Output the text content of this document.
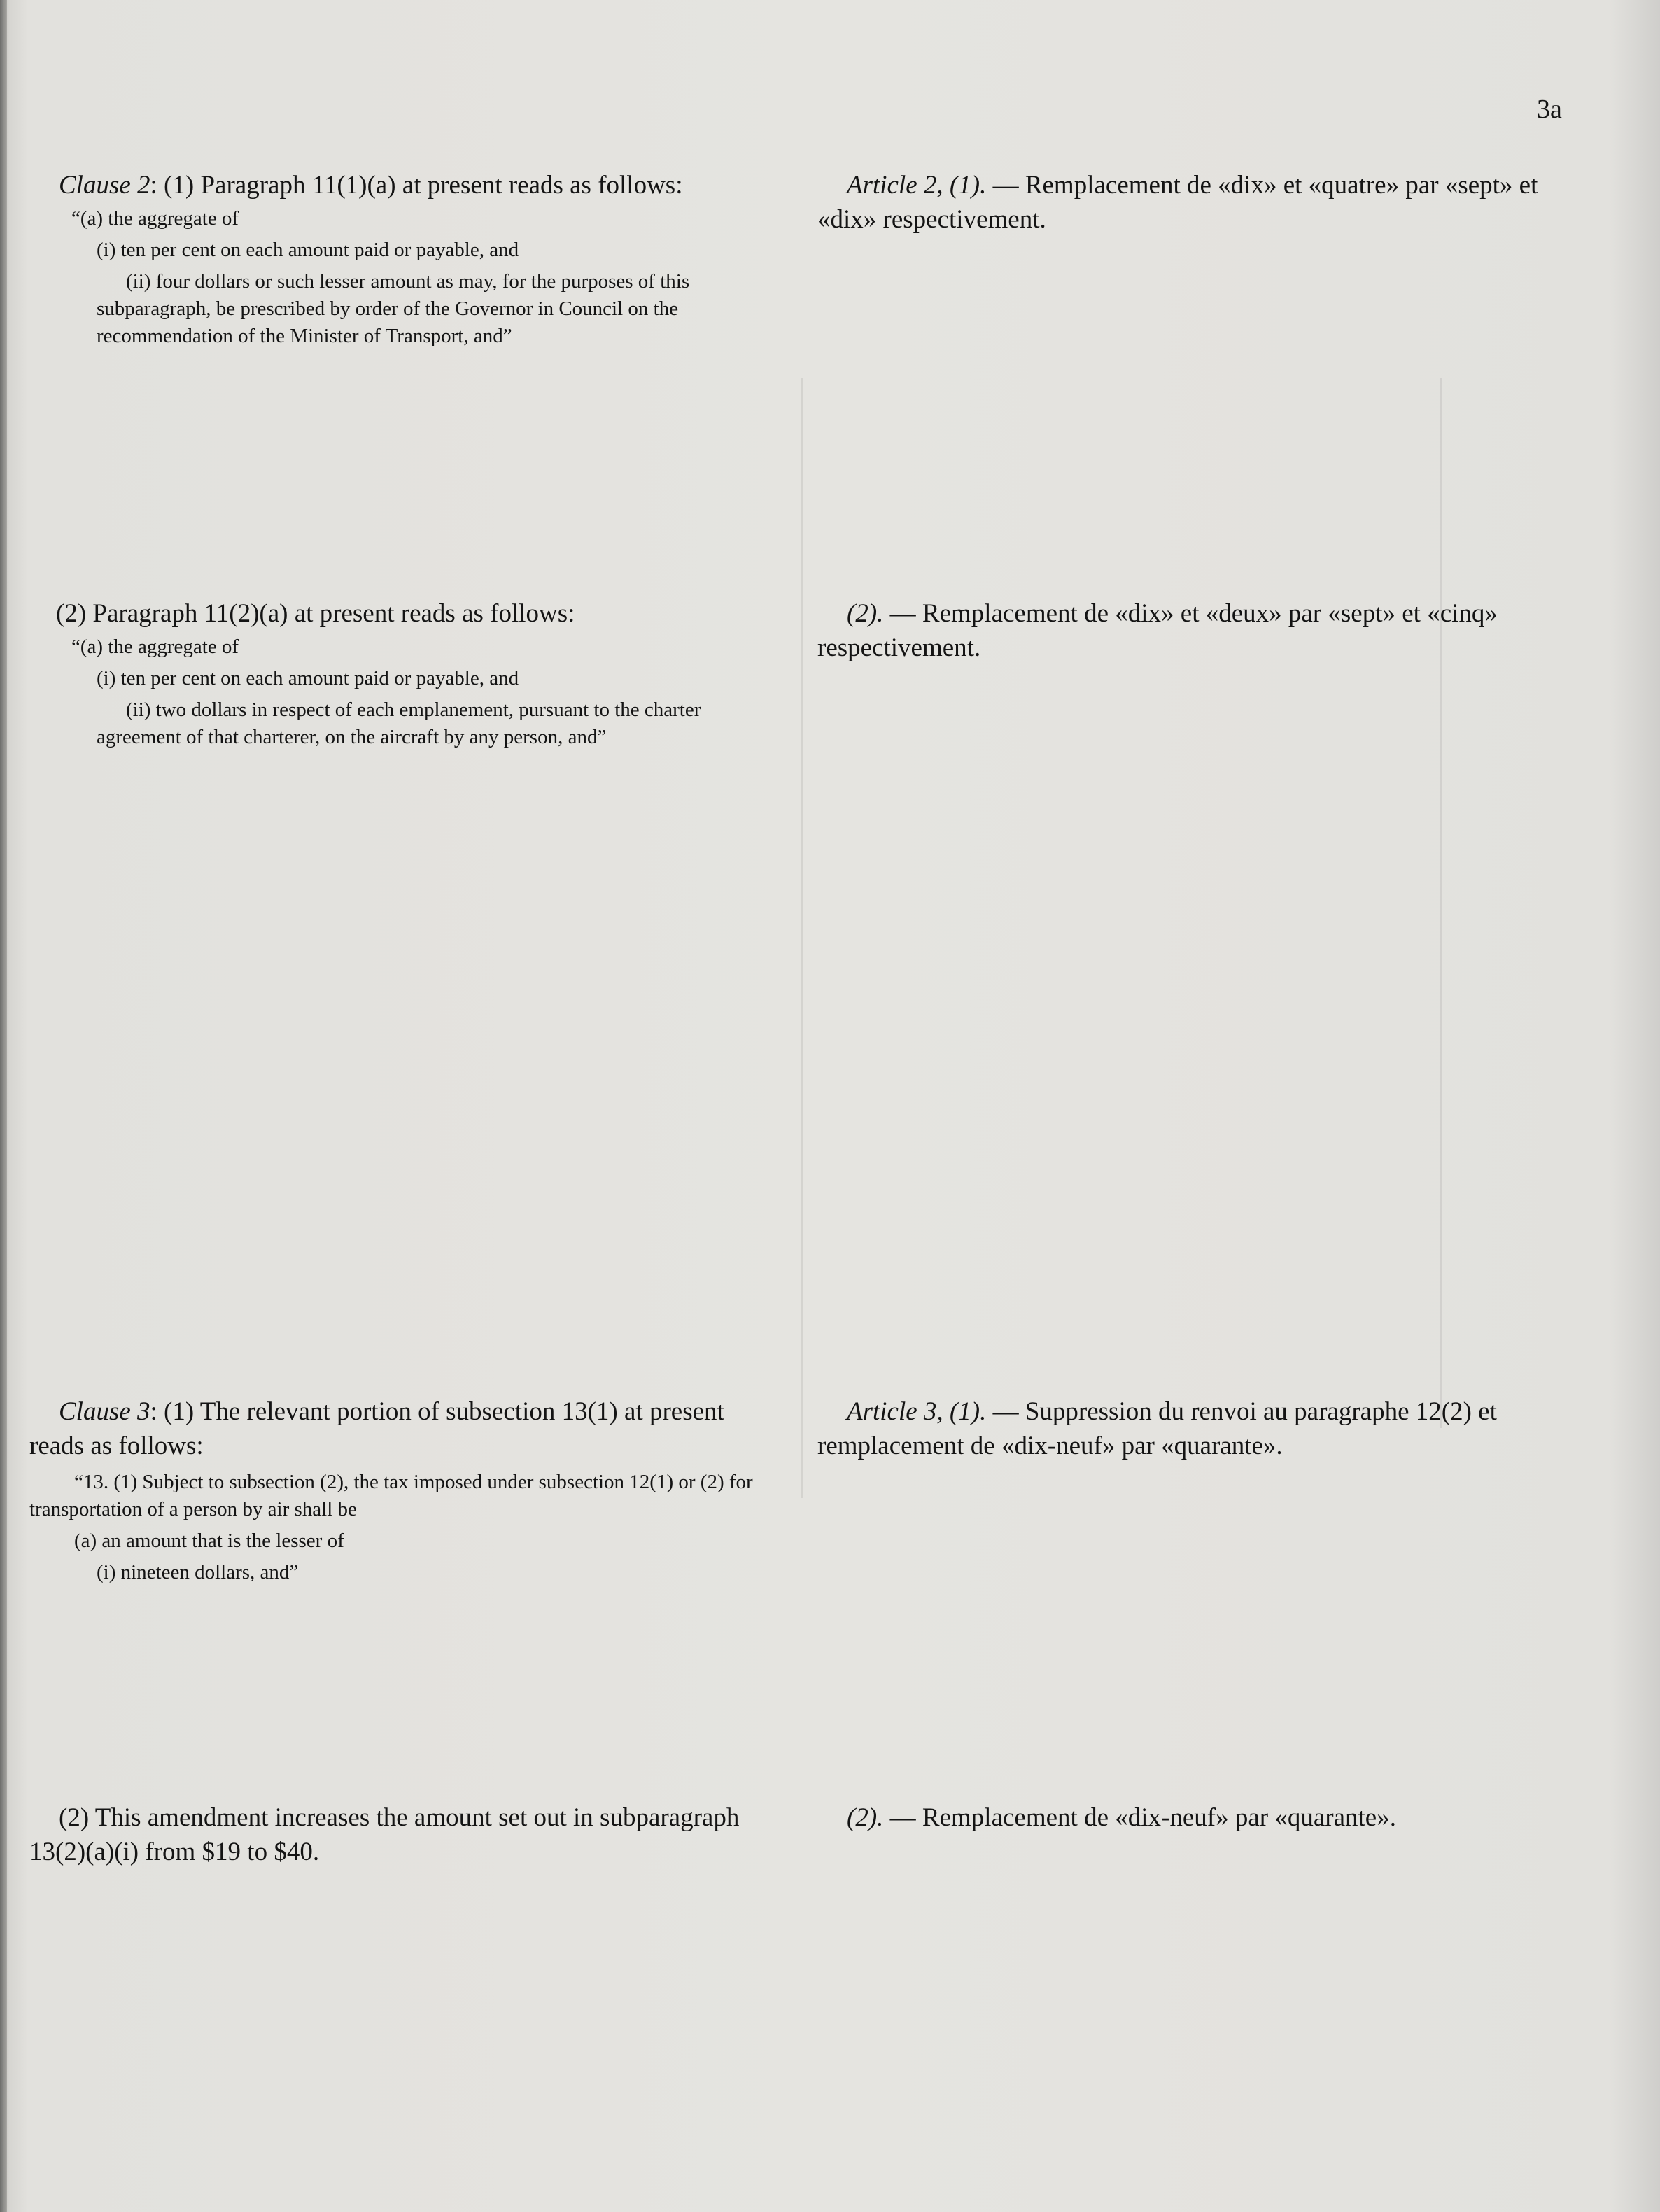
3a

Clause 2: (1) Paragraph 11(1)(a) at present reads as follows:

“(a) the aggregate of

(i) ten per cent on each amount paid or payable, and

(ii) four dollars or such lesser amount as may, for the purposes of this subparagraph, be prescribed by order of the Governor in Council on the recommendation of the Minister of Transport, and”

(2) Paragraph 11(2)(a) at present reads as follows:

“(a) the aggregate of

(i) ten per cent on each amount paid or payable, and

(ii) two dollars in respect of each emplanement, pursuant to the charter agreement of that charterer, on the aircraft by any person, and”

Clause 3: (1) The relevant portion of subsection 13(1) at present reads as follows:

“13. (1) Subject to subsection (2), the tax imposed under subsection 12(1) or (2) for transportation of a person by air shall be

(a) an amount that is the lesser of

(i) nineteen dollars, and”

(2) This amendment increases the amount set out in subparagraph 13(2)(a)(i) from $19 to $40.

Article 2, (1). — Remplacement de «dix» et «quatre» par «sept» et «dix» respectivement.

(2). — Remplacement de «dix» et «deux» par «sept» et «cinq» respectivement.

Article 3, (1). — Suppression du renvoi au paragraphe 12(2) et remplacement de «dix-neuf» par «quarante».

(2). — Remplacement de «dix-neuf» par «quarante».
